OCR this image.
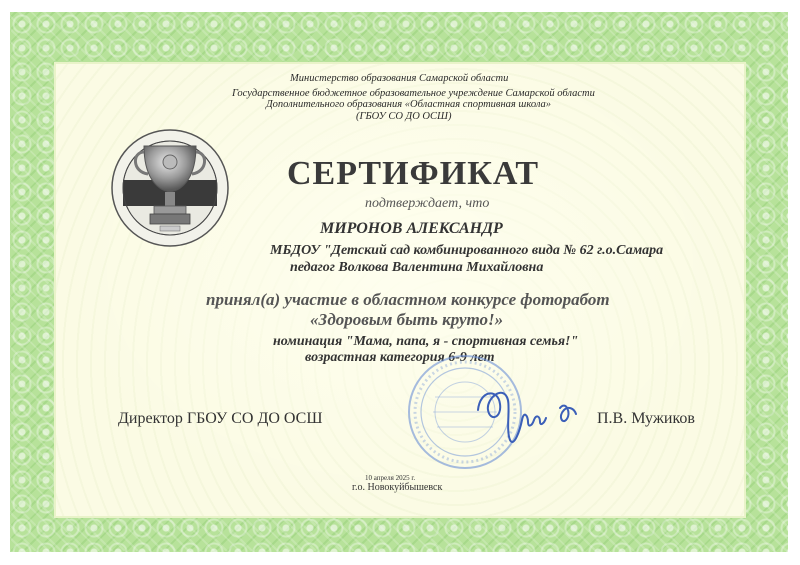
Министерство образования Самарской области
Государственное бюджетное образовательное учреждение Самарской области
Дополнительного образования «Областная спортивная школа»
(ГБОУ СО ДО ОСШ)
СЕРТИФИКАТ
подтверждает, что
МИРОНОВ АЛЕКСАНДР
МБДОУ "Детский сад комбинированного вида № 62 г.о.Самара
педагог Волкова Валентина Михайловна
принял(а) участие в областном конкурсе фоторабот
«Здоровым быть круто!»
номинация "Мама, папа, я - спортивная семья!"
возрастная категория 6-9 лет
Директор ГБОУ СО ДО ОСШ	П.В. Мужиков
10 апреля 2025 г.
г.о. Новокуйбышевск
